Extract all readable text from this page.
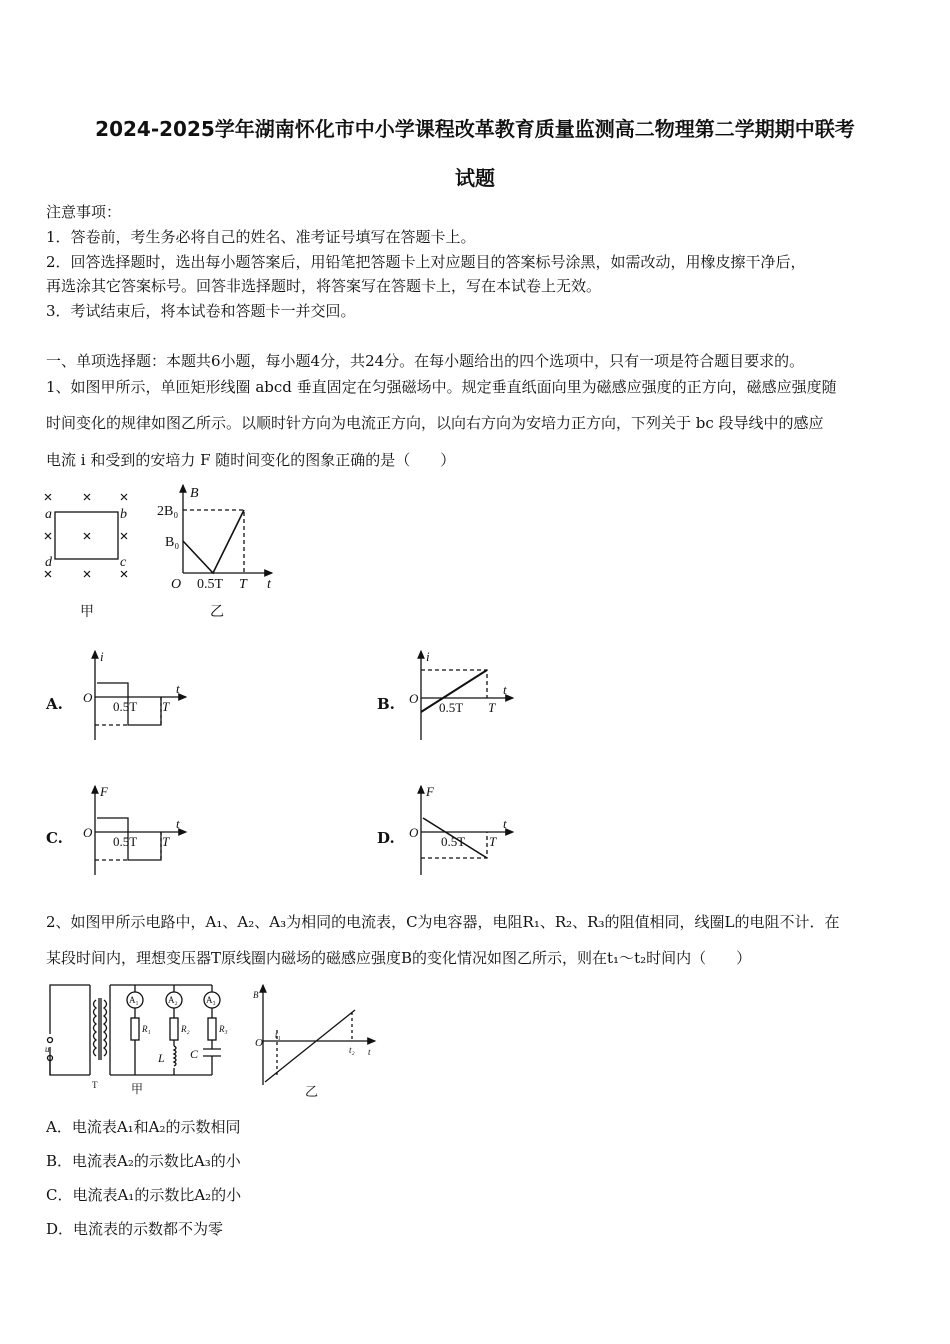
2024-2025学年湖南怀化市中小学课程改革教育质量监测高二物理第二学期期中联考
试题
注意事项：
1．答卷前，考生务必将自己的姓名、准考证号填写在答题卡上。
2．回答选择题时，选出每小题答案后，用铅笔把答题卡上对应题目的答案标号涂黑，如需改动，用橡皮擦干净后，
再选涂其它答案标号。回答非选择题时，将答案写在答题卡上，写在本试卷上无效。
3．考试结束后，将本试卷和答题卡一并交回。
一、单项选择题：本题共6小题，每小题4分，共24分。在每小题给出的四个选项中，只有一项是符合题目要求的。
1、如图甲所示，单匝矩形线圈 abcd 垂直固定在匀强磁场中。规定垂直纸面向里为磁感应强度的正方向，磁感应强度随
时间变化的规律如图乙所示。以顺时针方向为电流正方向，以向右方向为安培力正方向，下列关于 bc 段导线中的感应
电流 i 和受到的安培力 F 随时间变化的图象正确的是（　　）
A.	B.
C.	D.
2、如图甲所示电路中，A₁、A₂、A₃为相同的电流表，C为电容器，电阻R₁、R₂、R₃的阻值相同，线圈L的电阻不计．在
某段时间内，理想变压器T原线圈内磁场的磁感应强度B的变化情况如图乙所示，则在t₁～t₂时间内（　　）
A．电流表A₁和A₂的示数相同
B．电流表A₂的示数比A₃的小
C．电流表A₁的示数比A₂的小
D．电流表的示数都不为零
a	b
c
d
甲
B
t
O
2B₀
B₀
0.5T T
乙
i
t
O
0.5T T
i
t
O
0.5T T
F
t
O
0.5T T
F
t
O
0.5T T
u
T
A₁	A₂	A₃
R₁	R₂	R₃
L C
甲
B
O
t₁
t₂ t
乙
